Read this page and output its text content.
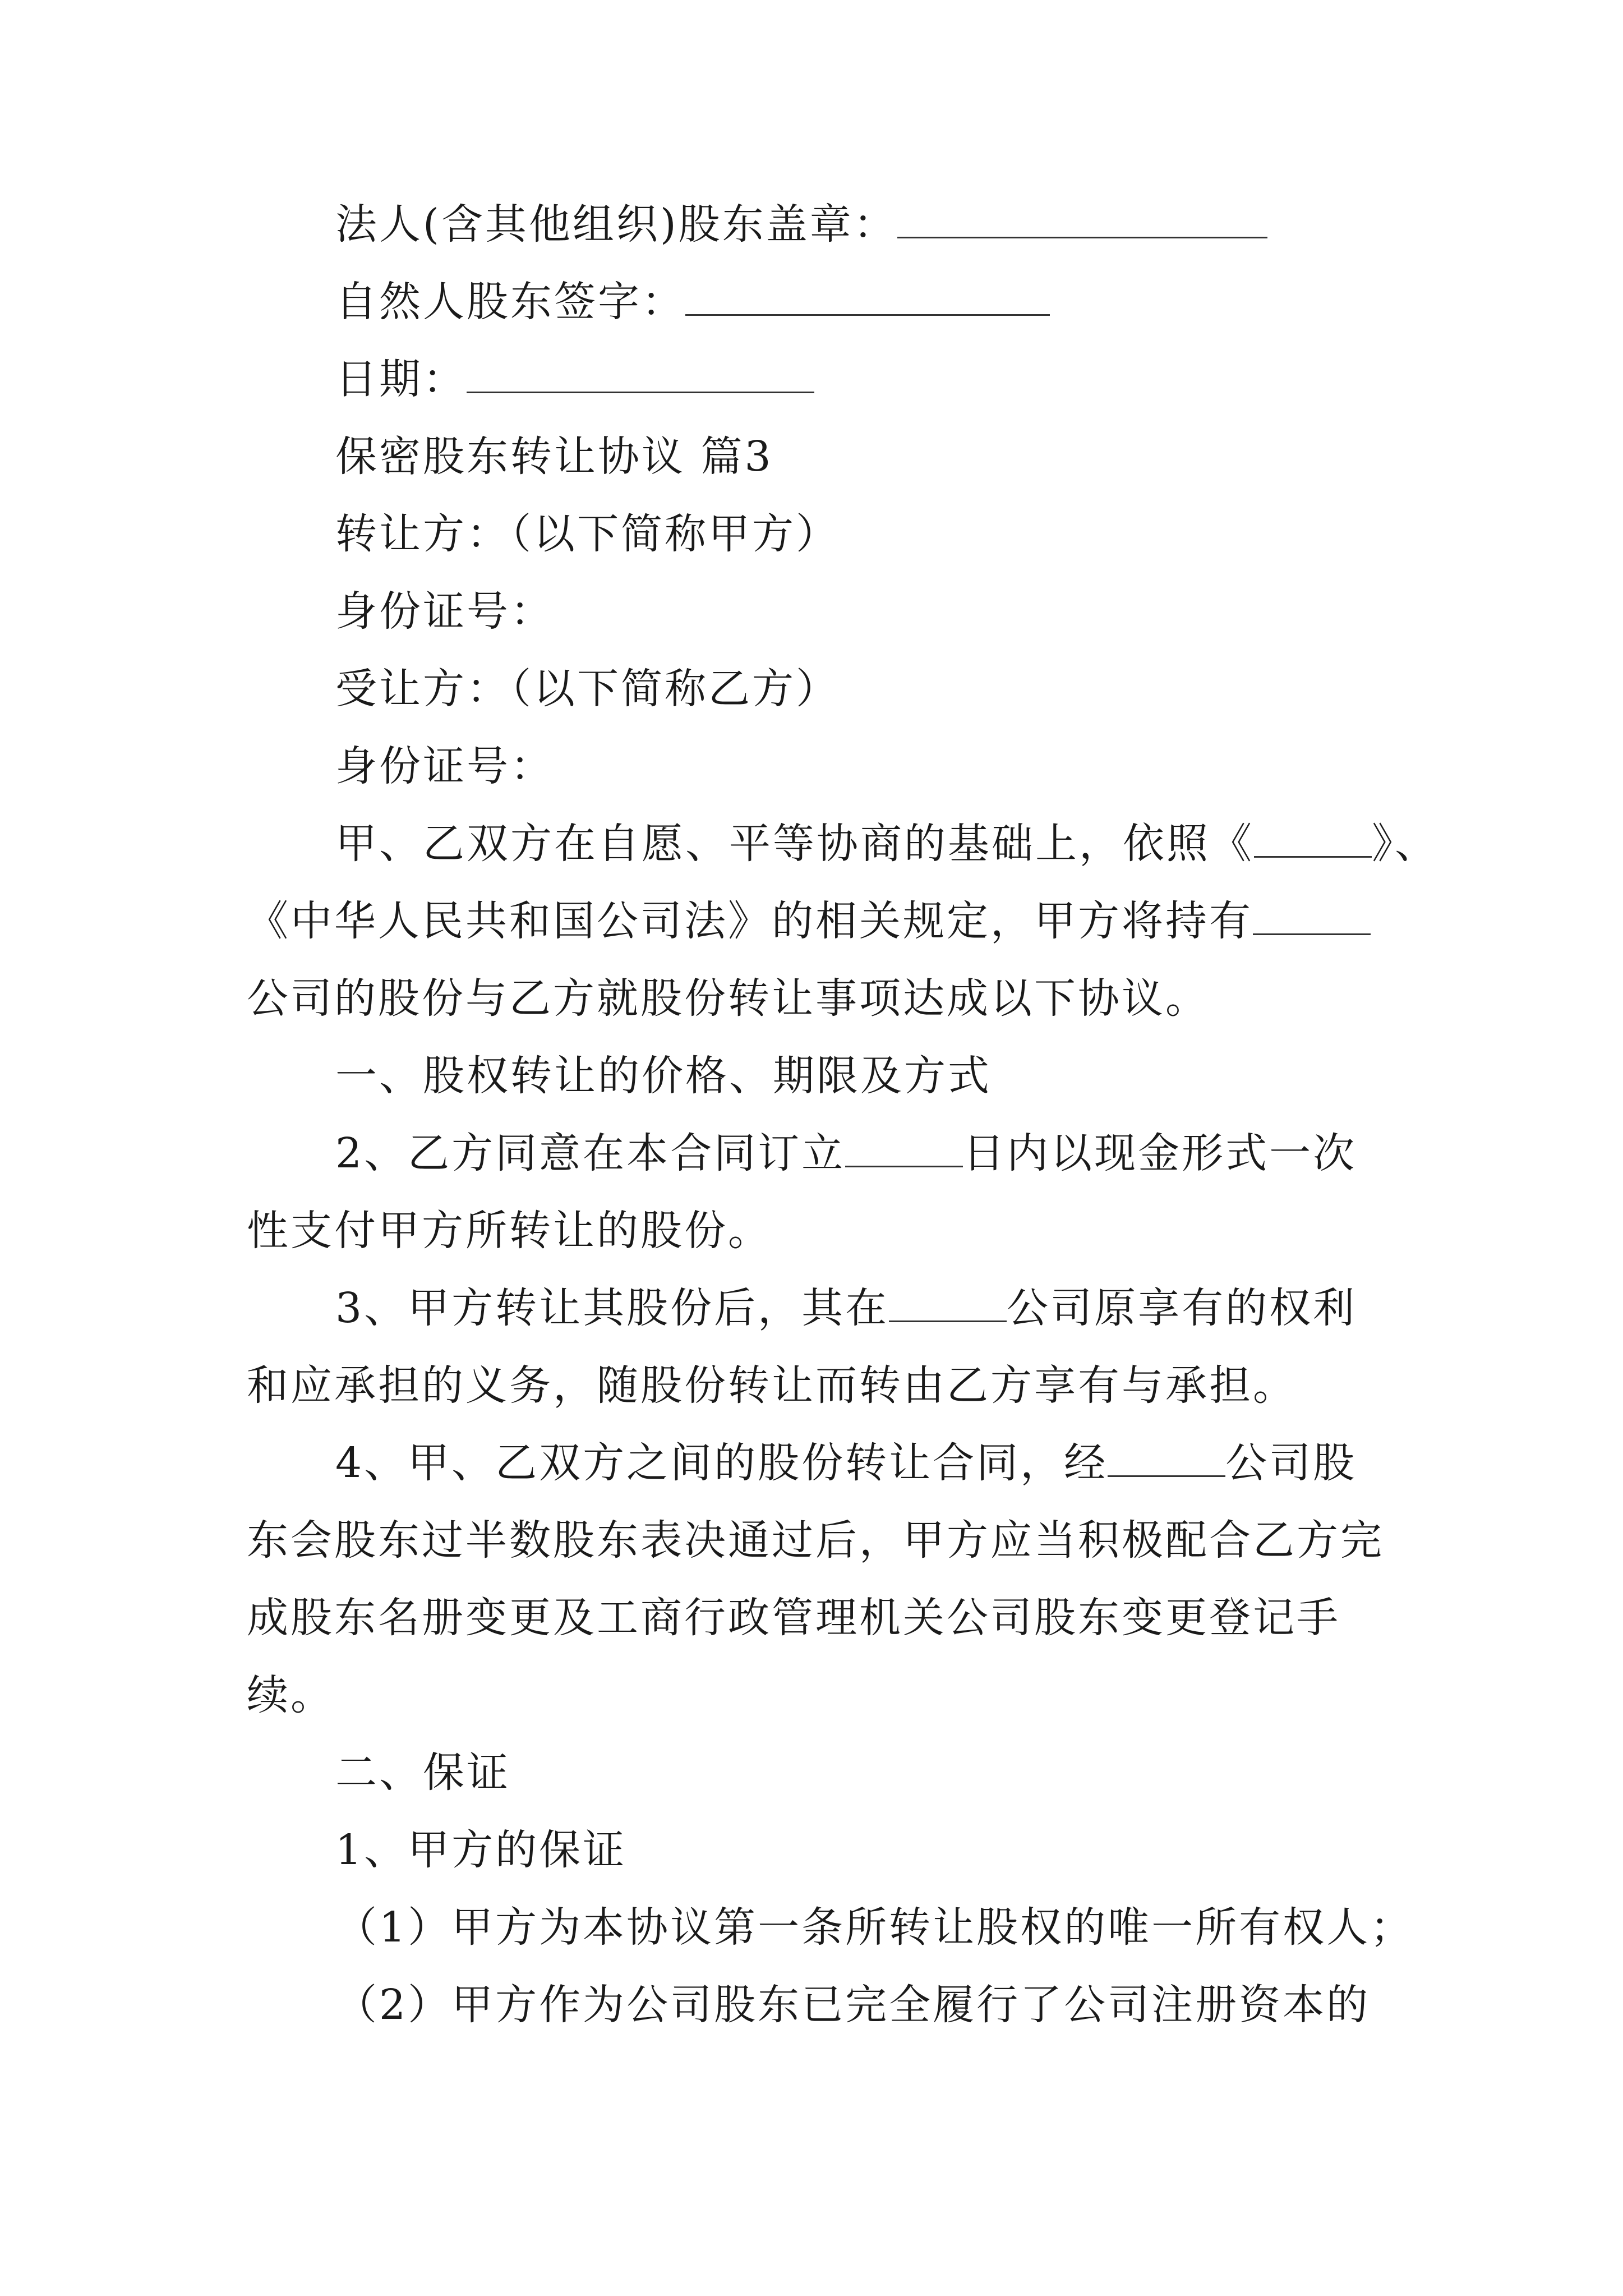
法人(含其他组织)股东盖章：
自然人股东签字：
日期：
保密股东转让协议 篇3
转让方：（以下简称甲方）
身份证号：
受让方：（以下简称乙方）
身份证号：
甲、乙双方在自愿、平等协商的基础上，依照《	》、
《中华人民共和国公司法》的相关规定，甲方将持有
公司的股份与乙方就股份转让事项达成以下协议。
一、股权转让的价格、期限及方式
2、乙方同意在本合同订立	日内以现金形式一次
性支付甲方所转让的股份。
3、甲方转让其股份后，其在	公司原享有的权利
和应承担的义务，随股份转让而转由乙方享有与承担。
4、甲、乙双方之间的股份转让合同，经	公司股
东会股东过半数股东表决通过后，甲方应当积极配合乙方完
成股东名册变更及工商行政管理机关公司股东变更登记手
续。
二、保证
1、甲方的保证
（1）甲方为本协议第一条所转让股权的唯一所有权人；
（2）甲方作为公司股东已完全履行了公司注册资本的
